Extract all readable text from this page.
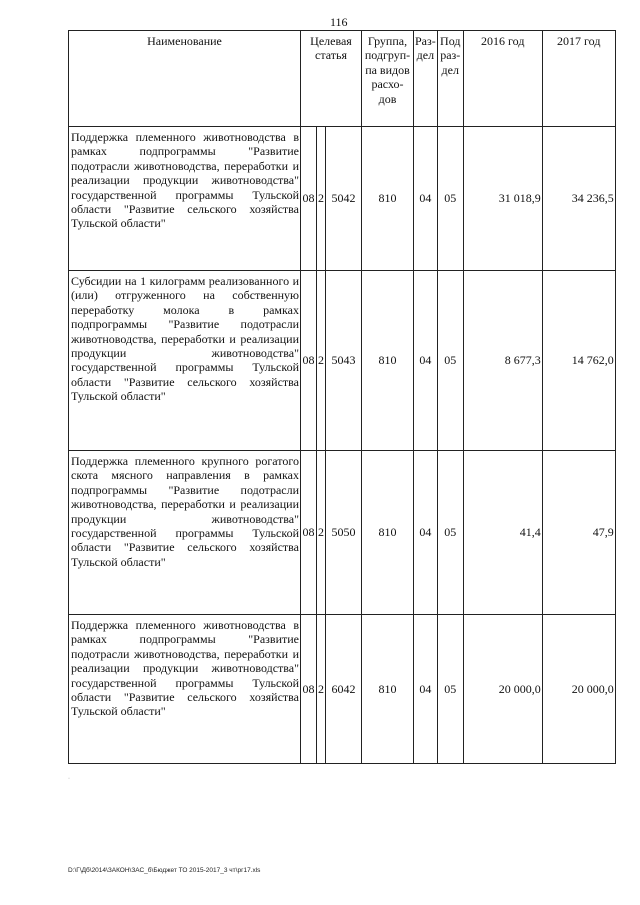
116
Наименование	Целевая статья			Группа, подгруп-па видов расхо-дов	Раз-дел	Под раз-дел	2016 год	2017 год

Поддержка племенного животноводства в рамках подпрограммы "Развитие подотрасли животноводства, переработки и реализации продукции животноводства" государственной программы Тульской области "Развитие сельского хозяйства Тульской области"	08	2	5042	810	04	05	31 018,9	34 236,5

Субсидии на 1 килограмм реализованного и (или) отгруженного на собственную переработку молока в рамках подпрограммы "Развитие подотрасли животноводства, переработки и реализации продукции животноводства" государственной программы Тульской области "Развитие сельского хозяйства Тульской области"	08	2	5043	810	04	05	8 677,3	14 762,0

Поддержка племенного крупного рогатого скота мясного направления в рамках подпрограммы "Развитие подотрасли животноводства, переработки и реализации продукции животноводства" государственной программы Тульской области "Развитие сельского хозяйства Тульской области"	08	2	5050	810	04	05	41,4	47,9

Поддержка племенного животноводства в рамках подпрограммы "Развитие подотрасли животноводства, переработки и реализации продукции животноводства" государственной программы Тульской области "Развитие сельского хозяйства Тульской области"	08	2	6042	810	04	05	20 000,0	20 000,0
·
D:\Г\Дб\2014\ЗАКОН\ЗАС_б\Бюджет ТО 2015-2017_3 чт\рг17.xls
